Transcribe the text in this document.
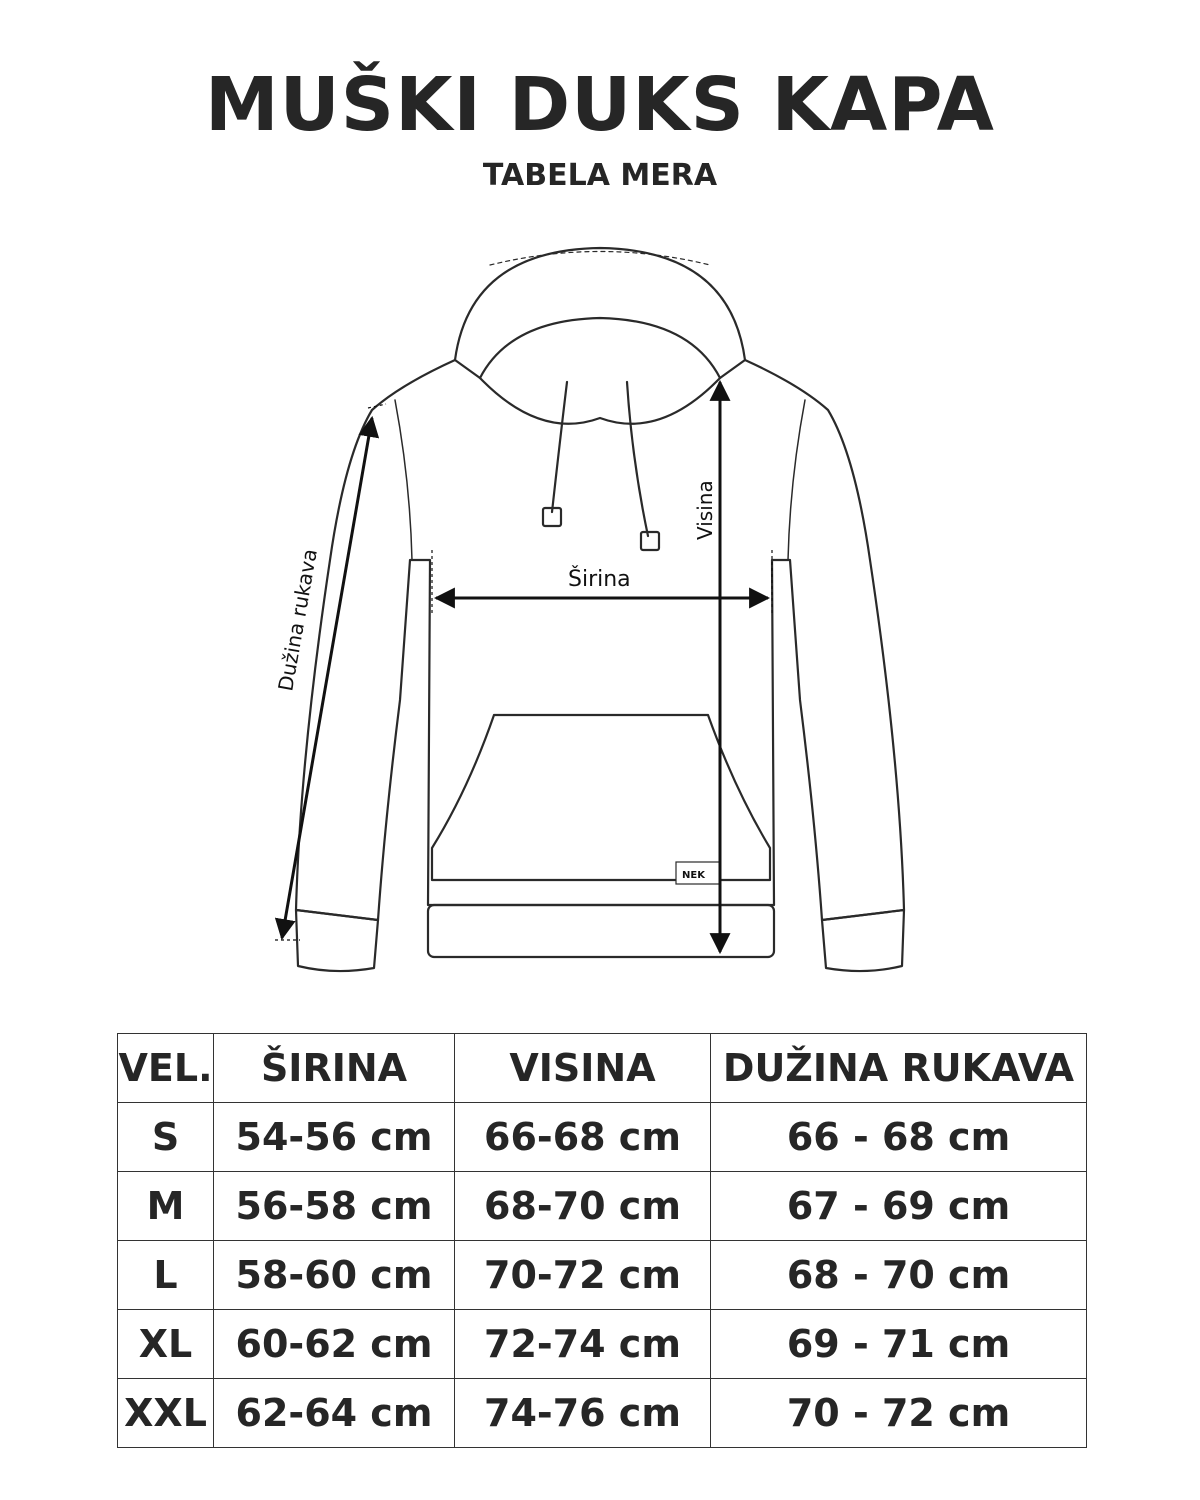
MUŠKI DUKS KAPA
TABELA MERA
NEK
Širina
Visina
Dužina rukava
VEL.	ŠIRINA	VISINA	DUŽINA RUKAVA
S	54-56 cm	66-68 cm	66 - 68 cm
M	56-58 cm	68-70 cm	67 - 69 cm
L	58-60 cm	70-72 cm	68 - 70 cm
XL	60-62 cm	72-74 cm	69 - 71 cm
XXL	62-64 cm	74-76 cm	70 - 72 cm
